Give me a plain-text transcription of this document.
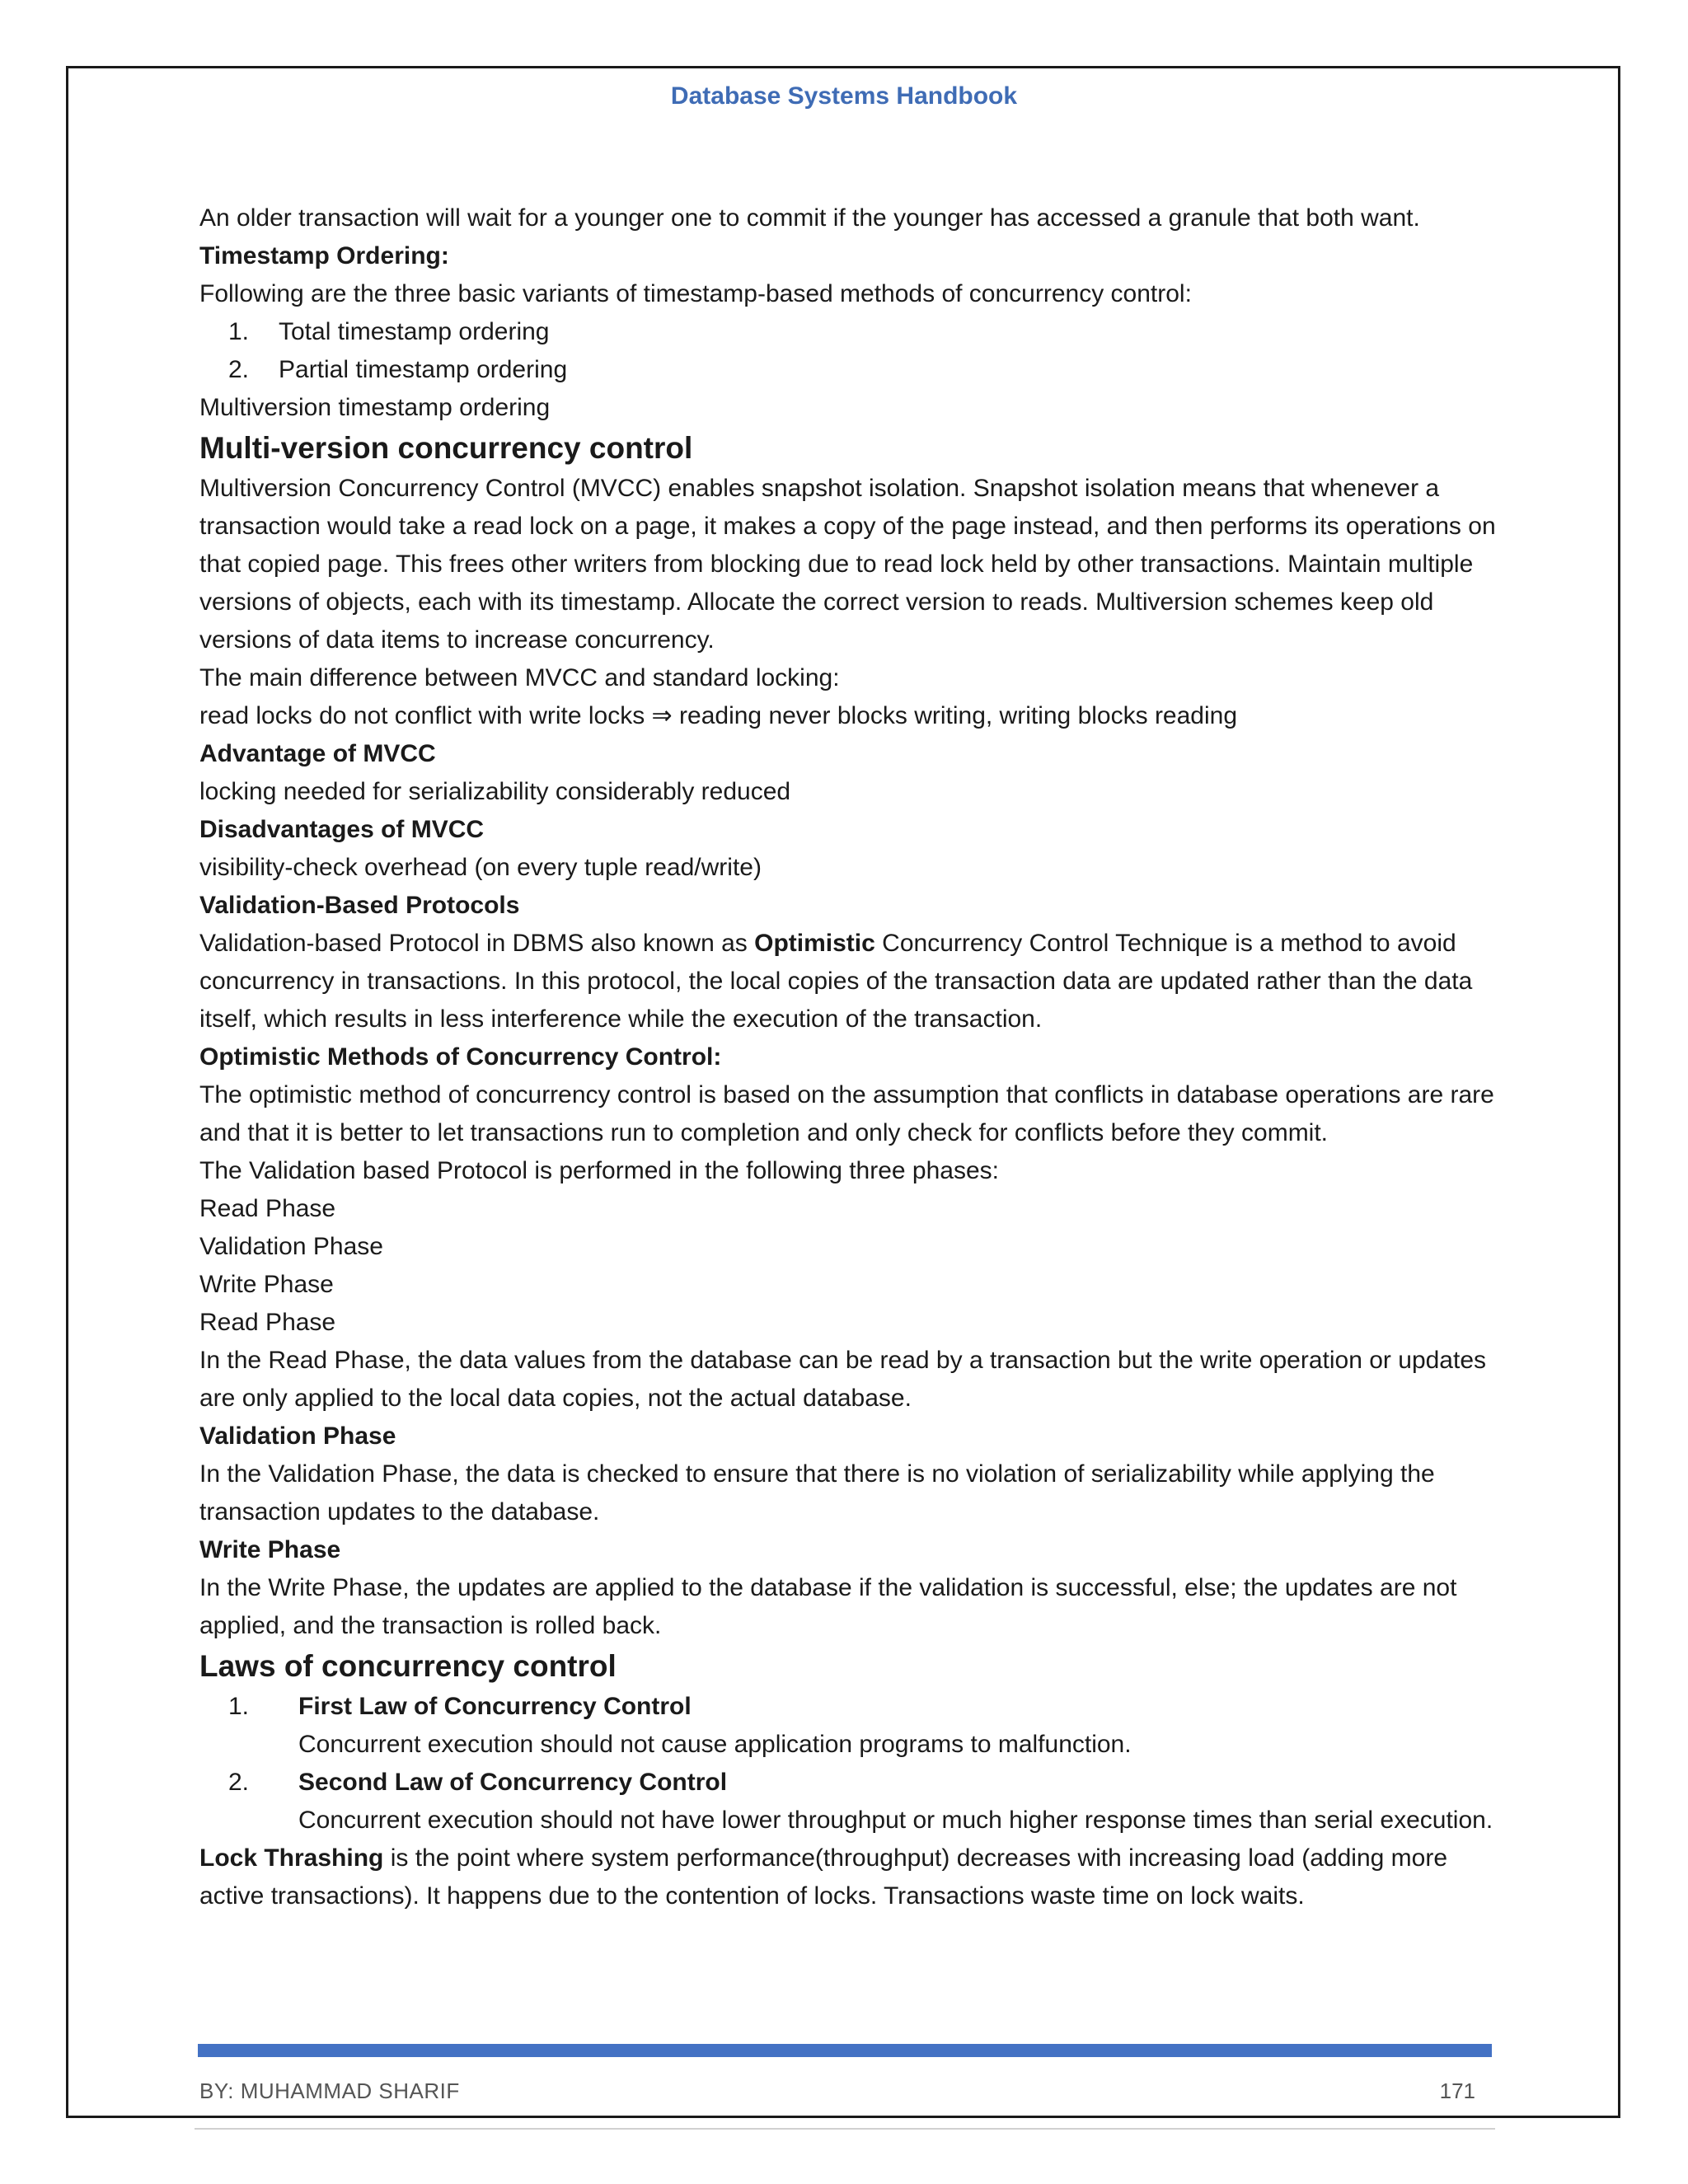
Database Systems Handbook

An older transaction will wait for a younger one to commit if the younger has accessed a granule that both want.

Timestamp Ordering:

Following are the three basic variants of timestamp-based methods of concurrency control:

1.	Total timestamp ordering
2.	Partial timestamp ordering

Multiversion timestamp ordering

Multi-version concurrency control

Multiversion Concurrency Control (MVCC) enables snapshot isolation. Snapshot isolation means that whenever a transaction would take a read lock on a page, it makes a copy of the page instead, and then performs its operations on that copied page. This frees other writers from blocking due to read lock held by other transactions. Maintain multiple versions of objects, each with its timestamp. Allocate the correct version to reads. Multiversion schemes keep old versions of data items to increase concurrency.

The main difference between MVCC and standard locking:

read locks do not conflict with write locks ⇒ reading never blocks writing, writing blocks reading

Advantage of MVCC

locking needed for serializability considerably reduced

Disadvantages of MVCC

visibility-check overhead (on every tuple read/write)

Validation-Based Protocols

Validation-based Protocol in DBMS also known as Optimistic Concurrency Control Technique is a method to avoid concurrency in transactions. In this protocol, the local copies of the transaction data are updated rather than the data itself, which results in less interference while the execution of the transaction.

Optimistic Methods of Concurrency Control:

The optimistic method of concurrency control is based on the assumption that conflicts in database operations are rare and that it is better to let transactions run to completion and only check for conflicts before they commit.

The Validation based Protocol is performed in the following three phases:

Read Phase

Validation Phase

Write Phase

Read Phase

In the Read Phase, the data values from the database can be read by a transaction but the write operation or updates are only applied to the local data copies, not the actual database.

Validation Phase

In the Validation Phase, the data is checked to ensure that there is no violation of serializability while applying the transaction updates to the database.

Write Phase

In the Write Phase, the updates are applied to the database if the validation is successful, else; the updates are not applied, and the transaction is rolled back.

Laws of concurrency control

1.	First Law of Concurrency Control

Concurrent execution should not cause application programs to malfunction.

2.	Second Law of Concurrency Control

Concurrent execution should not have lower throughput or much higher response times than serial execution.

Lock Thrashing is the point where system performance(throughput) decreases with increasing load (adding more active transactions). It happens due to the contention of locks. Transactions waste time on lock waits.

BY: MUHAMMAD SHARIF	171
